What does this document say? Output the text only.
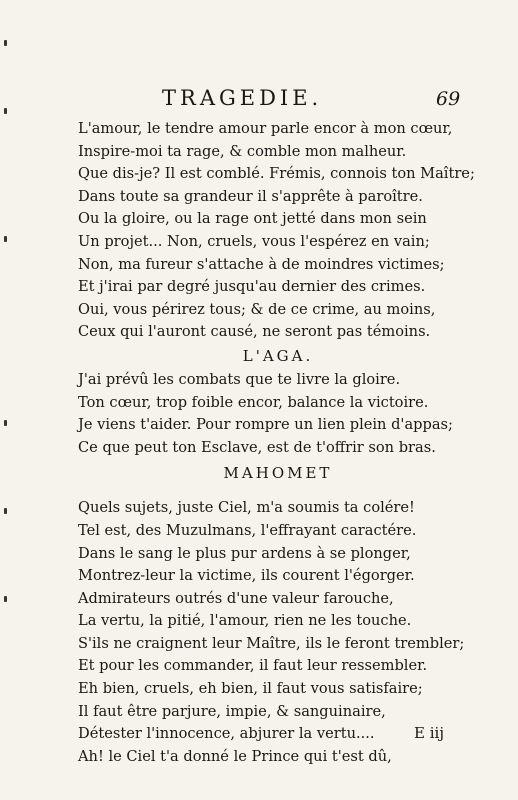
TRAGEDIE.	69
L'amour, le tendre amour parle encor à mon cœur,
Inspire-moi ta rage, & comble mon malheur.
Que dis-je? Il est comblé. Frémis, connois ton Maître;
Dans toute sa grandeur il s'apprête à paroître.
Ou la gloire, ou la rage ont jetté dans mon sein
Un projet... Non, cruels, vous l'espérez en vain;
Non, ma fureur s'attache à de moindres victimes;
Et j'irai par degré jusqu'au dernier des crimes.
Oui, vous périrez tous; & de ce crime, au moins,
Ceux qui l'auront causé, ne seront pas témoins.
L'AGA.
J'ai prévû les combats que te livre la gloire.
Ton cœur, trop foible encor, balance la victoire.
Je viens t'aider. Pour rompre un lien plein d'appas;
Ce que peut ton Esclave, est de t'offrir son bras.
MAHOMET
Quels sujets, juste Ciel, m'a soumis ta colére!
Tel est, des Muzulmans, l'effrayant caractére.
Dans le sang le plus pur ardens à se plonger,
Montrez-leur la victime, ils courent l'égorger.
Admirateurs outrés d'une valeur farouche,
La vertu, la pitié, l'amour, rien ne les touche.
S'ils ne craignent leur Maître, ils le feront trembler;
Et pour les commander, il faut leur ressembler.
Eh bien, cruels, eh bien, il faut vous satisfaire;
Il faut être parjure, impie, & sanguinaire,
Détester l'innocence, abjurer la vertu....
Ah! le Ciel t'a donné le Prince qui t'est dû,
E iij
